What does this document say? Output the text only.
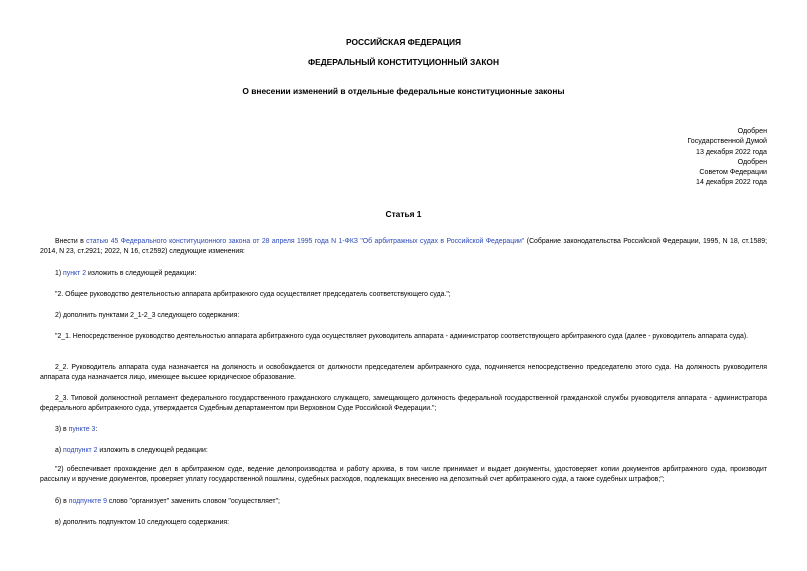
РОССИЙСКАЯ ФЕДЕРАЦИЯ
ФЕДЕРАЛЬНЫЙ КОНСТИТУЦИОННЫЙ ЗАКОН
О внесении изменений в отдельные федеральные конституционные законы
Одобрен
Государственной Думой
13 декабря 2022 года
Одобрен
Советом Федерации
14 декабря 2022 года
Статья 1
Внести в статью 45 Федерального конституционного закона от 28 апреля 1995 года N 1-ФКЗ "Об арбитражных судах в Российской Федерации" (Собрание законодательства Российской Федерации, 1995, N 18, ст.1589; 2014, N 23, ст.2921; 2022, N 16, ст.2592) следующие изменения:
1) пункт 2 изложить в следующей редакции:
"2. Общее руководство деятельностью аппарата арбитражного суда осуществляет председатель соответствующего суда.";
2) дополнить пунктами 2_1-2_3 следующего содержания:
"2_1. Непосредственное руководство деятельностью аппарата арбитражного суда осуществляет руководитель аппарата - администратор соответствующего арбитражного суда (далее - руководитель аппарата суда).
2_2. Руководитель аппарата суда назначается на должность и освобождается от должности председателем арбитражного суда, подчиняется непосредственно председателю этого суда. На должность руководителя аппарата суда назначается лицо, имеющее высшее юридическое образование.
2_3. Типовой должностной регламент федерального государственного гражданского служащего, замещающего должность федеральной государственной гражданской службы руководителя аппарата - администратора федерального арбитражного суда, утверждается Судебным департаментом при Верховном Суде Российской Федерации.";
3) в пункте 3:
а) подпункт 2 изложить в следующей редакции:
"2) обеспечивает прохождение дел в арбитражном суде, ведение делопроизводства и работу архива, в том числе принимает и выдает документы, удостоверяет копии документов арбитражного суда, производит рассылку и вручение документов, проверяет уплату государственной пошлины, судебных расходов, подлежащих внесению на депозитный счет арбитражного суда, а также судебных штрафов;";
б) в подпункте 9 слово "организует" заменить словом "осуществляет";
в) дополнить подпунктом 10 следующего содержания:
